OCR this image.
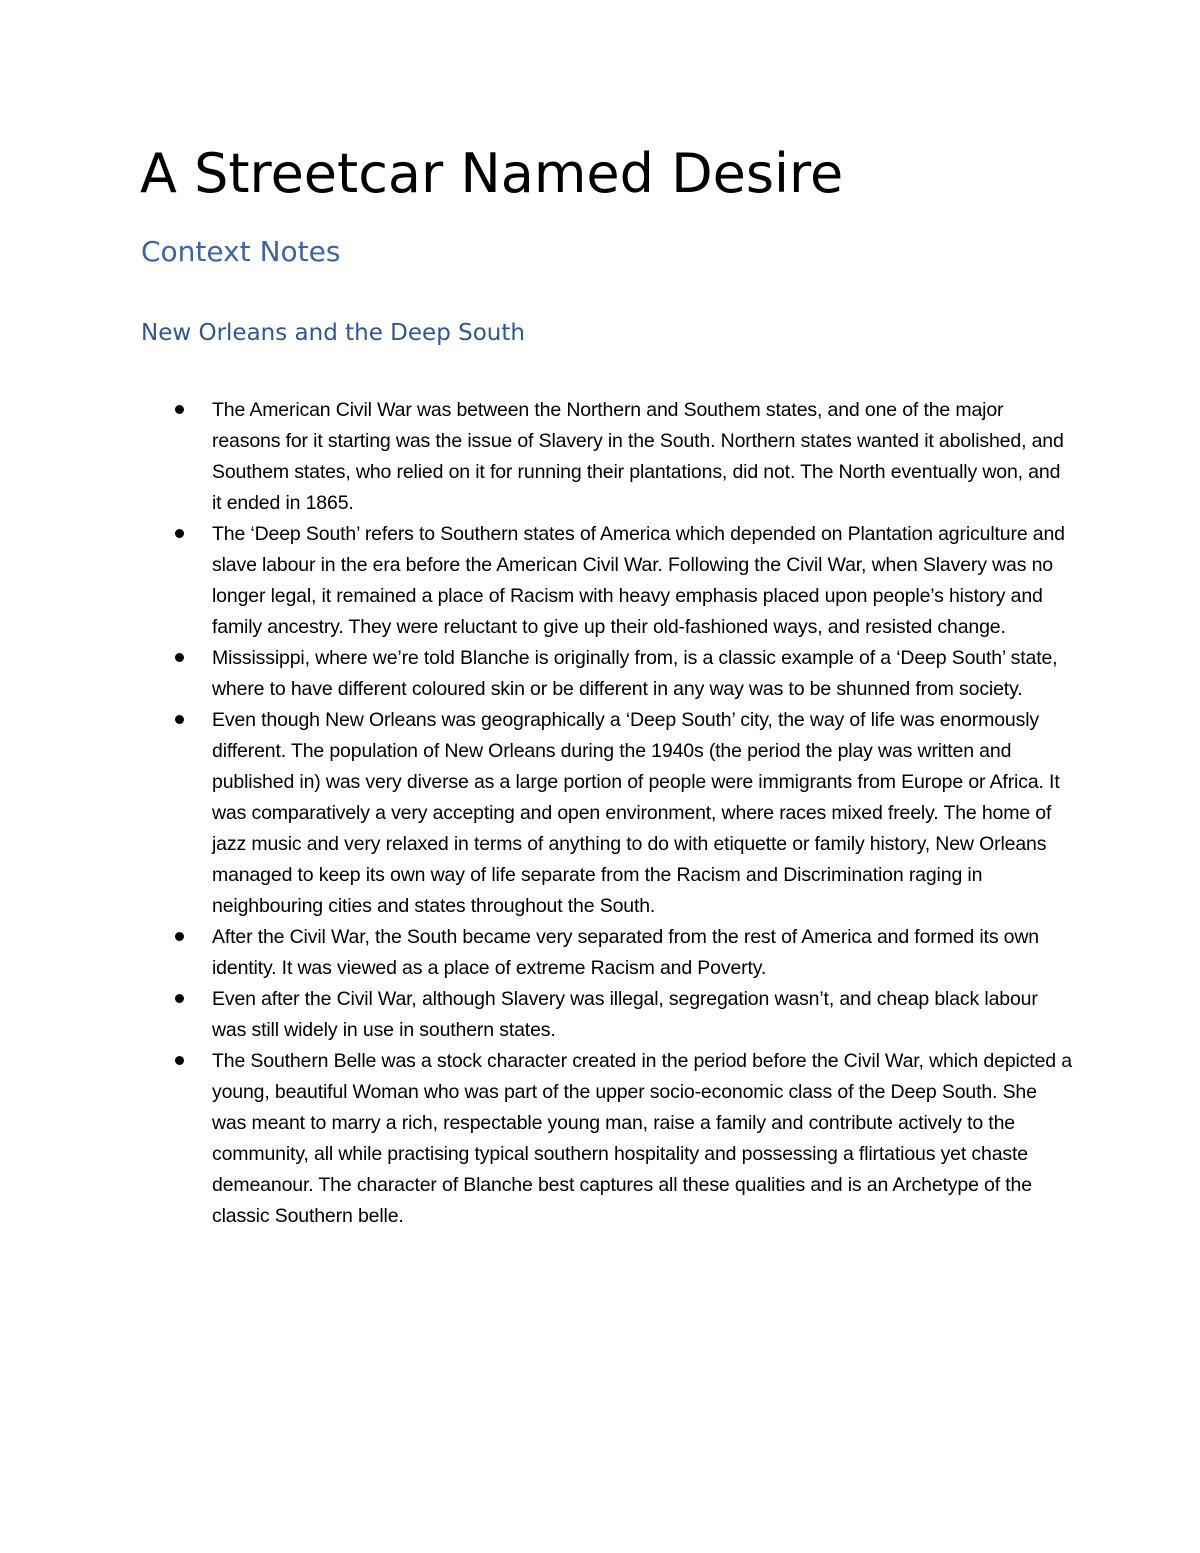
A Streetcar Named Desire
Context Notes
New Orleans and the Deep South
The American Civil War was between the Northern and Southem states, and one of the major reasons for it starting was the issue of Slavery in the South. Northern states wanted it abolished, and Southem states, who relied on it for running their plantations, did not. The North eventually won, and it ended in 1865.
The ‘Deep South’ refers to Southern states of America which depended on Plantation agriculture and slave labour in the era before the American Civil War. Following the Civil War, when Slavery was no longer legal, it remained a place of Racism with heavy emphasis placed upon people’s history and family ancestry. They were reluctant to give up their old-fashioned ways, and resisted change.
Mississippi, where we’re told Blanche is originally from, is a classic example of a ‘Deep South’ state, where to have different coloured skin or be different in any way was to be shunned from society.
Even though New Orleans was geographically a ‘Deep South’ city, the way of life was enormously different. The population of New Orleans during the 1940s (the period the play was written and published in) was very diverse as a large portion of people were immigrants from Europe or Africa. It was comparatively a very accepting and open environment, where races mixed freely. The home of jazz music and very relaxed in terms of anything to do with etiquette or family history, New Orleans managed to keep its own way of life separate from the Racism and Discrimination raging in neighbouring cities and states throughout the South.
After the Civil War, the South became very separated from the rest of America and formed its own identity. It was viewed as a place of extreme Racism and Poverty.
Even after the Civil War, although Slavery was illegal, segregation wasn’t, and cheap black labour was still widely in use in southern states.
The Southern Belle was a stock character created in the period before the Civil War, which depicted a young, beautiful Woman who was part of the upper socio-economic class of the Deep South. She was meant to marry a rich, respectable young man, raise a family and contribute actively to the community, all while practising typical southern hospitality and possessing a flirtatious yet chaste demeanour. The character of Blanche best captures all these qualities and is an Archetype of the classic Southern belle.
